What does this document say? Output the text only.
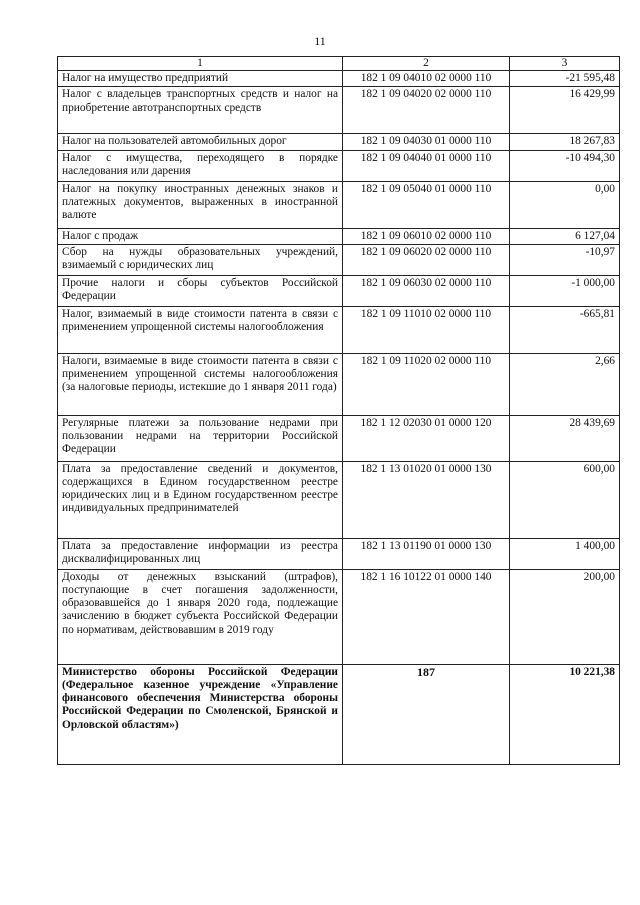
11
1	2	3
Налог на имущество предприятий	182 1 09 04010 02 0000 110	-21 595,48
Налог с владельцев транспортных средств и налог на приобретение автотранспортных средств	182 1 09 04020 02 0000 110	16 429,99
Налог на пользователей автомобильных дорог	182 1 09 04030 01 0000 110	18 267,83
Налог с имущества, переходящего в порядке наследования или дарения	182 1 09 04040 01 0000 110	-10 494,30
Налог на покупку иностранных денежных знаков и платежных документов, выраженных в иностранной валюте	182 1 09 05040 01 0000 110	0,00
Налог с продаж	182 1 09 06010 02 0000 110	6 127,04
Сбор на нужды образовательных учреждений, взимаемый с юридических лиц	182 1 09 06020 02 0000 110	-10,97
Прочие налоги и сборы субъектов Российской Федерации	182 1 09 06030 02 0000 110	-1 000,00
Налог, взимаемый в виде стоимости патента в связи с применением упрощенной системы налогообложения	182 1 09 11010 02 0000 110	-665,81
Налоги, взимаемые в виде стоимости патента в связи с применением упрощенной системы налогообложения (за налоговые периоды, истекшие до 1 января 2011 года)	182 1 09 11020 02 0000 110	2,66
Регулярные платежи за пользование недрами при пользовании недрами на территории Российской Федерации	182 1 12 02030 01 0000 120	28 439,69
Плата за предоставление сведений и документов, содержащихся в Едином государственном реестре юридических лиц и в Едином государственном реестре индивидуальных предпринимателей	182 1 13 01020 01 0000 130	600,00
Плата за предоставление информации из реестра дисквалифицированных лиц	182 1 13 01190 01 0000 130	1 400,00
Доходы от денежных взысканий (штрафов), поступающие в счет погашения задолженности, образовавшейся до 1 января 2020 года, подлежащие зачислению в бюджет субъекта Российской Федерации по нормативам, действовавшим в 2019 году	182 1 16 10122 01 0000 140	200,00
Министерство обороны Российской Федерации (Федеральное казенное учреждение «Управление финансового обеспечения Министерства обороны Российской Федерации по Смоленской, Брянской и Орловской областям»)	187	10 221,38
